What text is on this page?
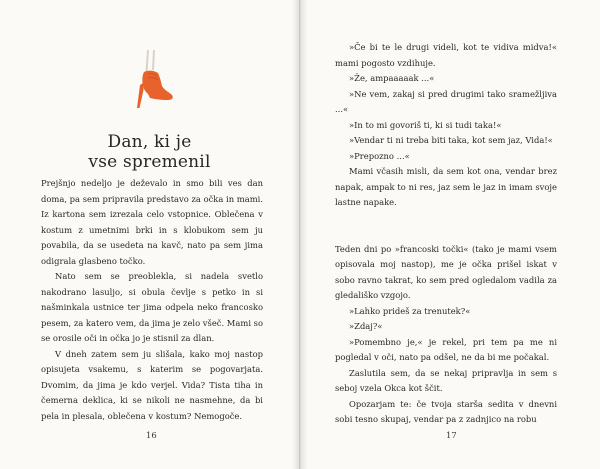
Dan, ki je
vse spremenil

Prejšnjo nedeljo je deževalo in smo bili ves dan doma, pa sem pripravila predstavo za očka in mami. Iz kartona sem izrezala celo vstopnice. Oblečena v kostum z umetnimi brki in s klobukom sem ju povabila, da se usedeta na kavč, nato pa sem jima odigrala glasbeno točko.

Nato sem se preoblekla, si nadela svetlo nakodrano lasuljo, si obula čevlje s petko in si našminkala ustnice ter jima odpela neko francosko pesem, za katero vem, da jima je zelo všeč. Mami so se orosile oči in očka jo je stisnil za dlan.

V dneh zatem sem ju slišala, kako moj nastop opisujeta vsakemu, s katerim se pogovarjata. Dvomim, da jima je kdo verjel. Vida? Tista tiha in čemerna deklica, ki se nikoli ne nasmehne, da bi pela in plesala, oblečena v kostum? Nemogoče.

16

»Če bi te le drugi videli, kot te vidiva midva!« mami pogosto vzdihuje.

»Že, ampaaaaak ...«

»Ne vem, zakaj si pred drugimi tako sramežljiva ...«

»In to mi govoriš ti, ki si tudi taka!«

»Vendar ti ni treba biti taka, kot sem jaz, Vida!«

»Prepozno ...«

Mami včasih misli, da sem kot ona, vendar brez napak, ampak to ni res, jaz sem le jaz in imam svoje lastne napake.

Teden dni po »francoski točki« (tako je mami vsem opisovala moj nastop), me je očka prišel iskat v sobo ravno takrat, ko sem pred ogledalom vadila za gledališko vzgojo.

»Lahko prideš za trenutek?«

»Zdaj?«

»Pomembno je,« je rekel, pri tem pa me ni pogledal v oči, nato pa odšel, ne da bi me počakal.

Zaslutila sem, da se nekaj pripravlja in sem s seboj vzela Okca kot ščit.

Opozarjam te: če tvoja starša sedita v dnevni sobi tesno skupaj, vendar pa z zadnjico na robu

17
